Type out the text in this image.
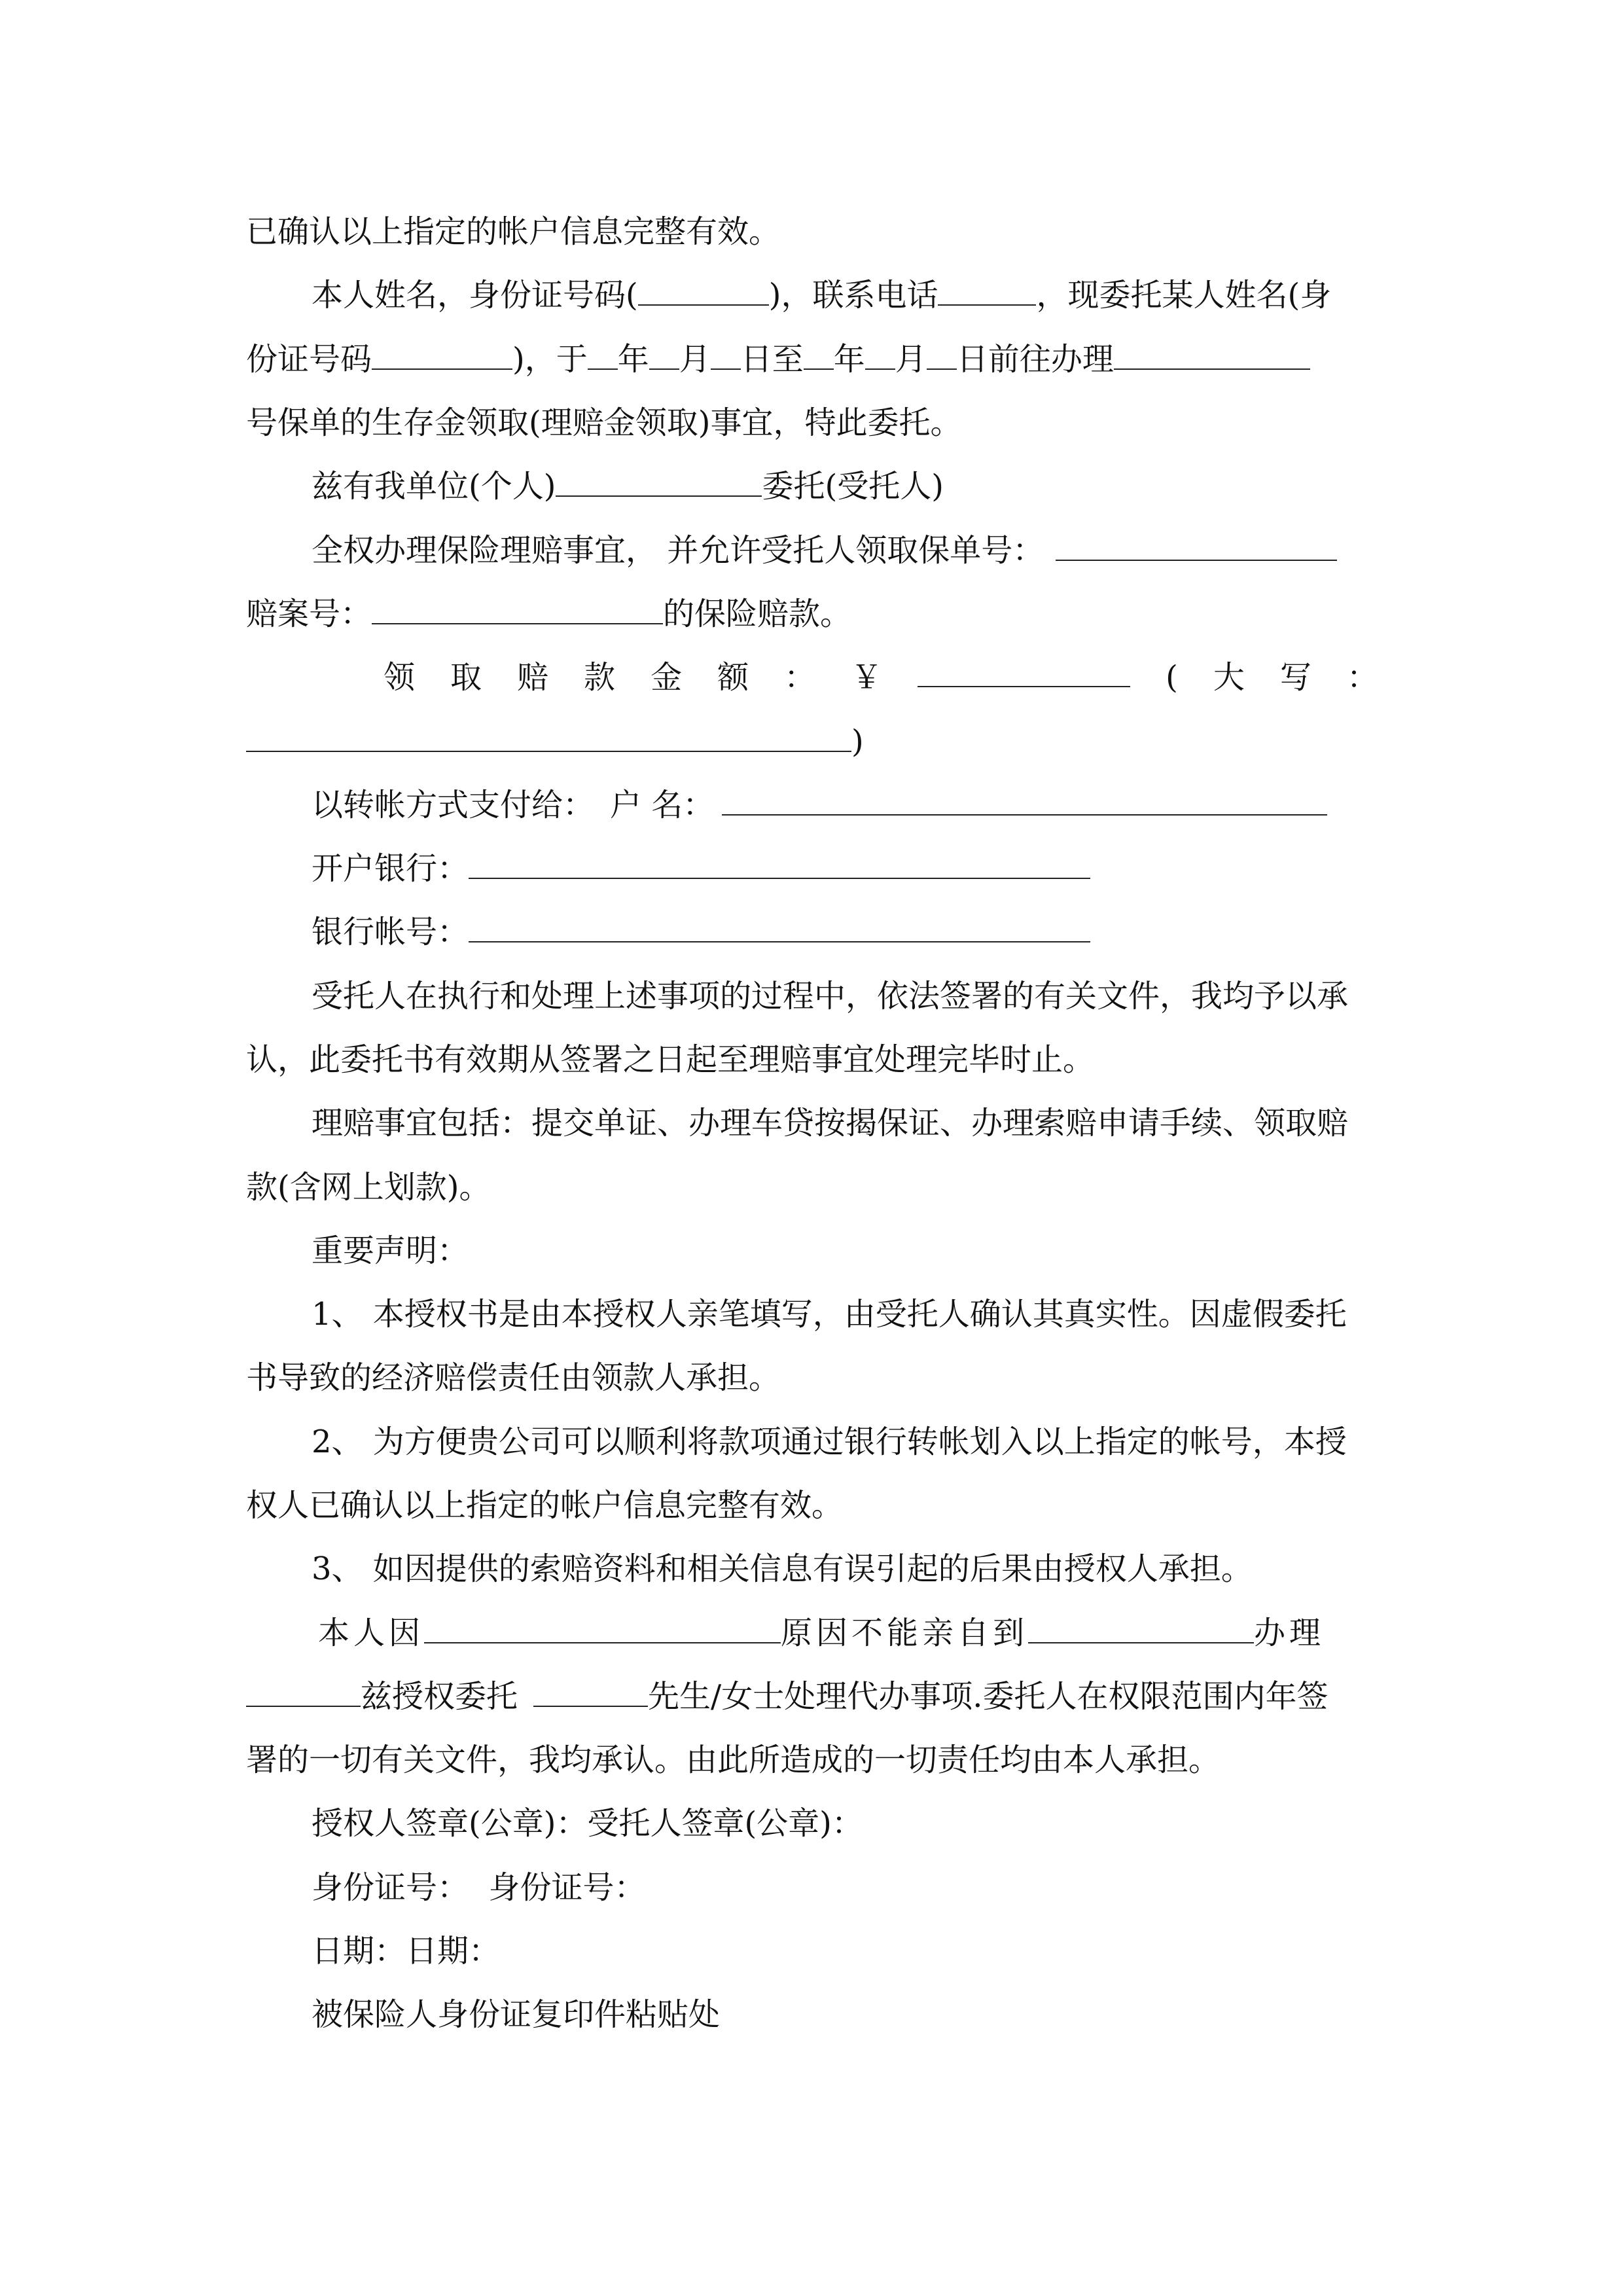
已确认以上指定的帐户信息完整有效。
本人姓名，身份证号码(	)，联系电话	，现委托某人姓名(身
份证号码	)，于 年 月 日至 年 月 日前往办理
号保单的生存金领取(理赔金领取)事宜，特此委托。
兹有我单位(个人)	委托(受托人)
全权办理保险理赔事宜， 并允许受托人领取保单号：
赔案号：	的保险赔款。
领 取 赔 款 金 额 ： ￥	( 大 写 ：
)
以转帐方式支付给： 户 名：
开户银行：
银行帐号：
受托人在执行和处理上述事项的过程中，依法签署的有关文件，我均予以承
认，此委托书有效期从签署之日起至理赔事宜处理完毕时止。
理赔事宜包括：提交单证、办理车贷按揭保证、办理索赔申请手续、领取赔
款(含网上划款)。
重要声明：
1、 本授权书是由本授权人亲笔填写，由受托人确认其真实性。因虚假委托
书导致的经济赔偿责任由领款人承担。
2、 为方便贵公司可以顺利将款项通过银行转帐划入以上指定的帐号，本授
权人已确认以上指定的帐户信息完整有效。
3、 如因提供的索赔资料和相关信息有误引起的后果由授权人承担。
本人因	原因不能亲自到	办理
兹授权委托	先生/女士处理代办事项.委托人在权限范围内年签
署的一切有关文件，我均承认。由此所造成的一切责任均由本人承担。
授权人签章(公章)：受托人签章(公章)：
身份证号：  身份证号：
日期：日期：
被保险人身份证复印件粘贴处
